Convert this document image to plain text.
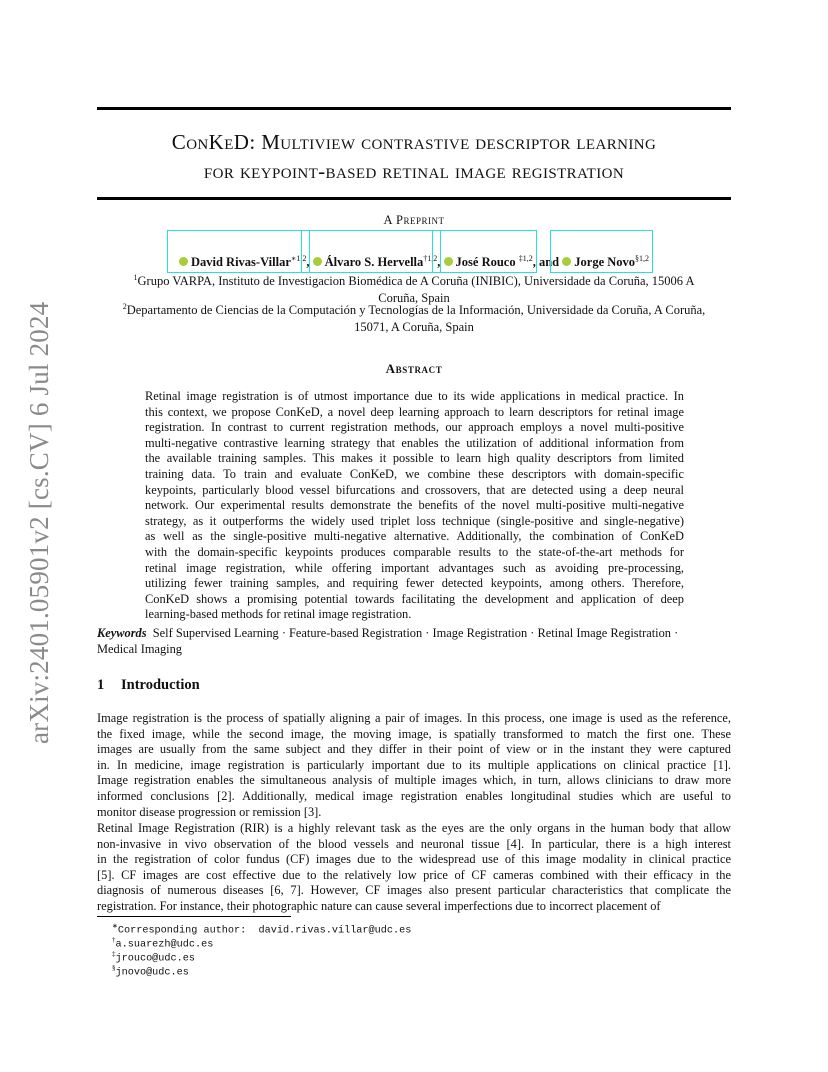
arXiv:2401.05901v2 [cs.CV] 6 Jul 2024
ConKeD: Multiview contrastive descriptor learning
for keypoint-based retinal image registration
A Preprint
David Rivas-Villar$^{∗1,2}$,
Álvaro S. Hervella$^{\dagger 1,2}$,
José Rouco $^{\ddagger 1,2}$, and
Jorge Novo$^{\S 1,2}$
$^1$Grupo VARPA, Instituto de Investigacion Biomédica de A Coruña (INIBIC), Universidade da Coruña, 15006 A
Coruña, Spain
$^2$Departamento de Ciencias de la Computación y Tecnologías de la Información, Universidade da Coruña, A Coruña,
15071, A Coruña, Spain
Abstract
Retinal image registration is of utmost importance due to its wide applications in medical practice. In
this context, we propose ConKeD, a novel deep learning approach to learn descriptors for retinal image
registration. In contrast to current registration methods, our approach employs a novel multi-positive
multi-negative contrastive learning strategy that enables the utilization of additional information from
the available training samples. This makes it possible to learn high quality descriptors from limited
training data. To train and evaluate ConKeD, we combine these descriptors with domain-specific
keypoints, particularly blood vessel bifurcations and crossovers, that are detected using a deep neural
network. Our experimental results demonstrate the benefits of the novel multi-positive multi-negative
strategy, as it outperforms the widely used triplet loss technique (single-positive and single-negative)
as well as the single-positive multi-negative alternative. Additionally, the combination of ConKeD
with the domain-specific keypoints produces comparable results to the state-of-the-art methods for
retinal image registration, while offering important advantages such as avoiding pre-processing,
utilizing fewer training samples, and requiring fewer detected keypoints, among others. Therefore,
ConKeD shows a promising potential towards facilitating the development and application of deep
learning-based methods for retinal image registration.
Keywords Self Supervised Learning · Feature-based Registration · Image Registration · Retinal Image Registration ·
Medical Imaging
1 Introduction
Image registration is the process of spatially aligning a pair of images. In this process, one image is used as the reference,
the fixed image, while the second image, the moving image, is spatially transformed to match the first one. These
images are usually from the same subject and they differ in their point of view or in the instant they were captured
in. In medicine, image registration is particularly important due to its multiple applications on clinical practice [1].
Image registration enables the simultaneous analysis of multiple images which, in turn, allows clinicians to draw more
informed conclusions [2]. Additionally, medical image registration enables longitudinal studies which are useful to
monitor disease progression or remission [3].
Retinal Image Registration (RIR) is a highly relevant task as the eyes are the only organs in the human body that allow
non-invasive in vivo observation of the blood vessels and neuronal tissue [4]. In particular, there is a high interest
in the registration of color fundus (CF) images due to the widespread use of this image modality in clinical practice
[5]. CF images are cost effective due to the relatively low price of CF cameras combined with their efficacy in the
diagnosis of numerous diseases [6, 7]. However, CF images also present particular characteristics that complicate the
registration. For instance, their photographic nature can cause several imperfections due to incorrect placement of
∗Corresponding author:  david.rivas.villar@udc.es
†a.suarezh@udc.es
‡jrouco@udc.es
§jnovo@udc.es
